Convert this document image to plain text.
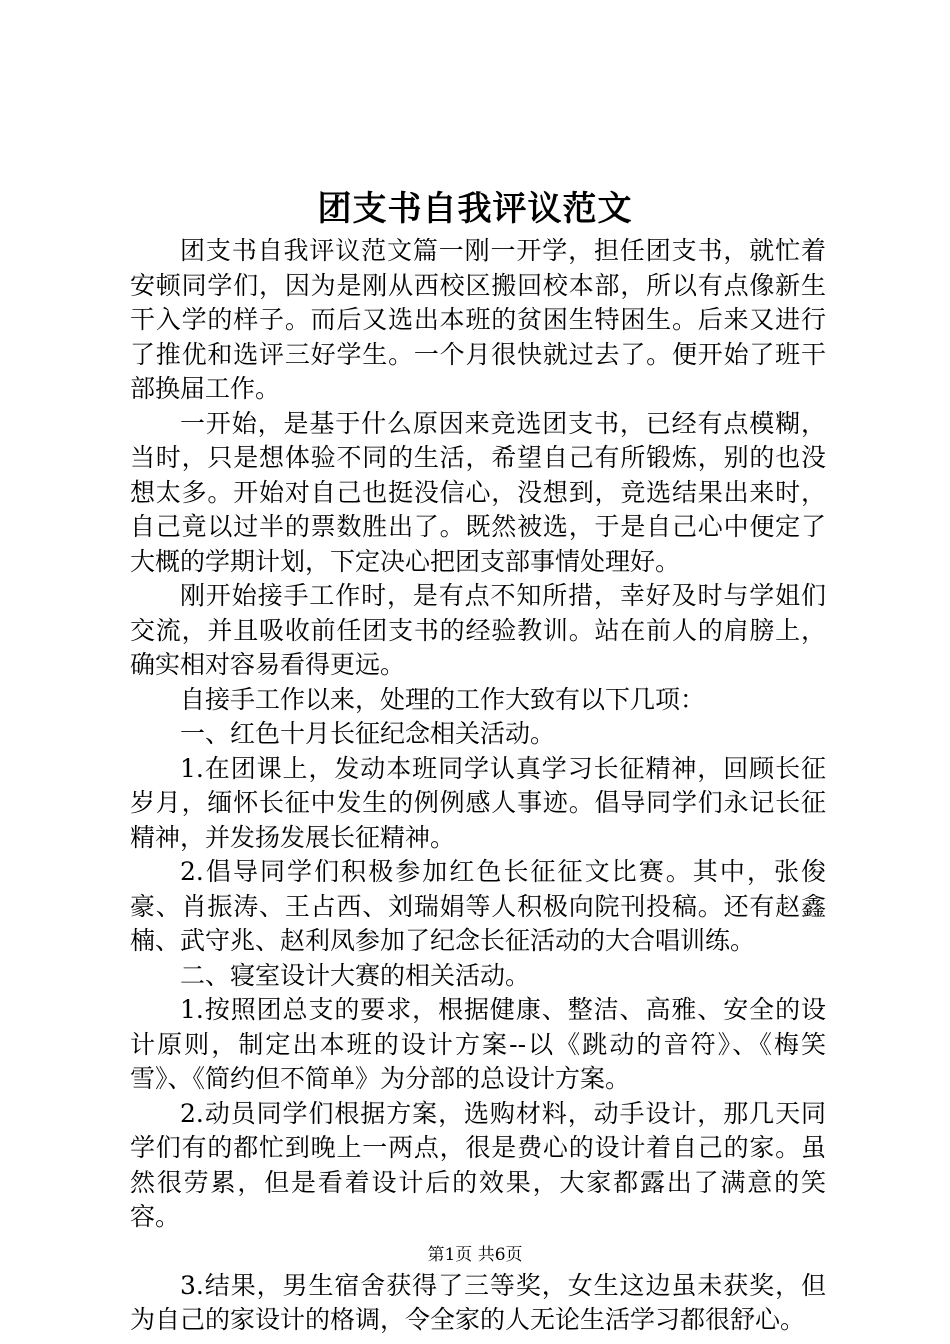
团支书自我评议范文

团支书自我评议范文篇一刚一开学，担任团支书，就忙着安顿同学们，因为是刚从西校区搬回校本部，所以有点像新生干入学的样子。而后又选出本班的贫困生特困生。后来又进行了推优和选评三好学生。一个月很快就过去了。便开始了班干部换届工作。

一开始，是基于什么原因来竞选团支书，已经有点模糊，当时，只是想体验不同的生活，希望自己有所锻炼，别的也没想太多。开始对自己也挺没信心，没想到，竞选结果出来时，自己竟以过半的票数胜出了。既然被选，于是自己心中便定了大概的学期计划，下定决心把团支部事情处理好。

刚开始接手工作时，是有点不知所措，幸好及时与学姐们交流，并且吸收前任团支书的经验教训。站在前人的肩膀上，确实相对容易看得更远。

自接手工作以来，处理的工作大致有以下几项：

一、红色十月长征纪念相关活动。

1.在团课上，发动本班同学认真学习长征精神，回顾长征岁月，缅怀长征中发生的例例感人事迹。倡导同学们永记长征精神，并发扬发展长征精神。

2.倡导同学们积极参加红色长征征文比赛。其中，张俊豪、肖振涛、王占西、刘瑞娟等人积极向院刊投稿。还有赵鑫楠、武守兆、赵利凤参加了纪念长征活动的大合唱训练。

二、寝室设计大赛的相关活动。

1.按照团总支的要求，根据健康、整洁、高雅、安全的设计原则，制定出本班的设计方案--以《跳动的音符》、《梅笑雪》、《简约但不简单》为分部的总设计方案。

2.动员同学们根据方案，选购材料，动手设计，那几天同学们有的都忙到晚上一两点，很是费心的设计着自己的家。虽然很劳累，但是看着设计后的效果，大家都露出了满意的笑容。

3.结果，男生宿舍获得了三等奖，女生这边虽未获奖，但为自己的家设计的格调，令全家的人无论生活学习都很舒心。

第1页 共6页
